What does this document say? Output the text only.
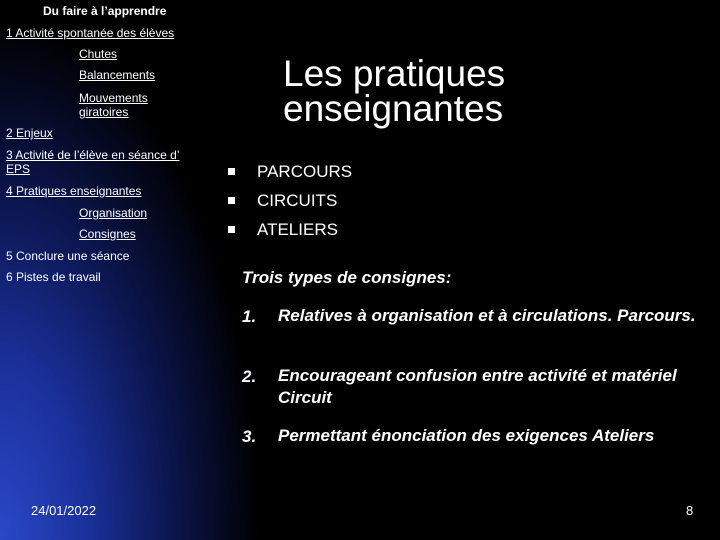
Du faire à l’apprendre
1 Activité spontanée des élèves
Chutes
Balancements
Mouvements giratoires
2 Enjeux
3 Activité de l’élève en séance d’ EPS
4 Pratiques enseignantes
Organisation
Consignes
5 Conclure une séance
6 Pistes de travail
Les pratiques enseignantes
PARCOURS
CIRCUITS
ATELIERS
Trois types de consignes:
1. Relatives à organisation et à circulations. Parcours.
2. Encourageant confusion entre activité et matériel Circuit
3. Permettant énonciation des exigences Ateliers
24/01/2022	8
